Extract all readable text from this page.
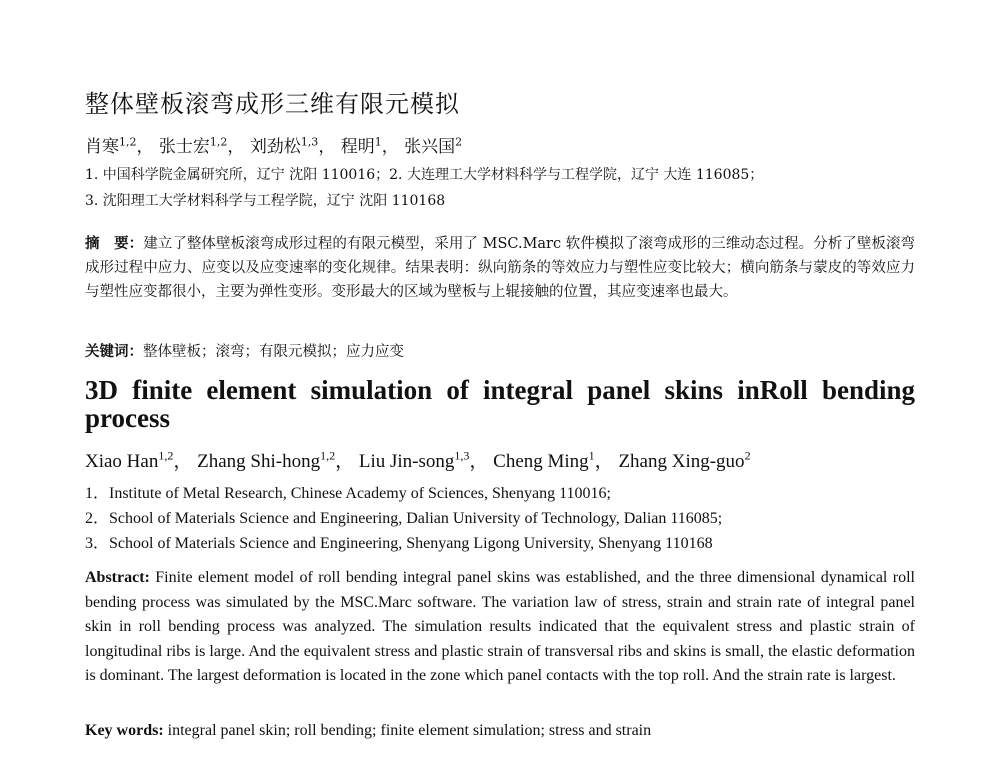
整体壁板滚弯成形三维有限元模拟
肖寒$^{1,2}$， 张士宏$^{1,2}$， 刘劲松$^{1,3}$， 程明$^1$， 张兴国$^2$
1. 中国科学院金属研究所，辽宁 沈阳 110016；2. 大连理工大学材料科学与工程学院，辽宁 大连 116085；
3. 沈阳理工大学材料科学与工程学院，辽宁 沈阳 110168
摘　要：建立了整体壁板滚弯成形过程的有限元模型，采用了 MSC.Marc 软件模拟了滚弯成形的三维动态过程。分析了壁板滚弯成形过程中应力、应变以及应变速率的变化规律。结果表明：纵向筋条的等效应力与塑性应变比较大；横向筋条与蒙皮的等效应力与塑性应变都很小，主要为弹性变形。变形最大的区域为壁板与上辊接触的位置，其应变速率也最大。
关键词：整体壁板；滚弯；有限元模拟；应力应变
3D finite element simulation of integral panel skins inRoll bending process
Xiao Han$^{1,2}$， Zhang Shi-hong$^{1,2}$， Liu Jin-song$^{1,3}$， Cheng Ming$^1$， Zhang Xing-guo$^2$
1．Institute of Metal Research, Chinese Academy of Sciences, Shenyang 110016;
2．School of Materials Science and Engineering, Dalian University of Technology, Dalian 116085;
3．School of Materials Science and Engineering, Shenyang Ligong University, Shenyang 110168
Abstract: Finite element model of roll bending integral panel skins was established, and the three dimensional dynamical roll bending process was simulated by the MSC.Marc software. The variation law of stress, strain and strain rate of integral panel skin in roll bending process was analyzed. The simulation results indicated that the equivalent stress and plastic strain of longitudinal ribs is large. And the equivalent stress and plastic strain of transversal ribs and skins is small, the elastic deformation is dominant. The largest deformation is located in the zone which panel contacts with the top roll. And the strain rate is largest.
Key words: integral panel skin; roll bending; finite element simulation; stress and strain
